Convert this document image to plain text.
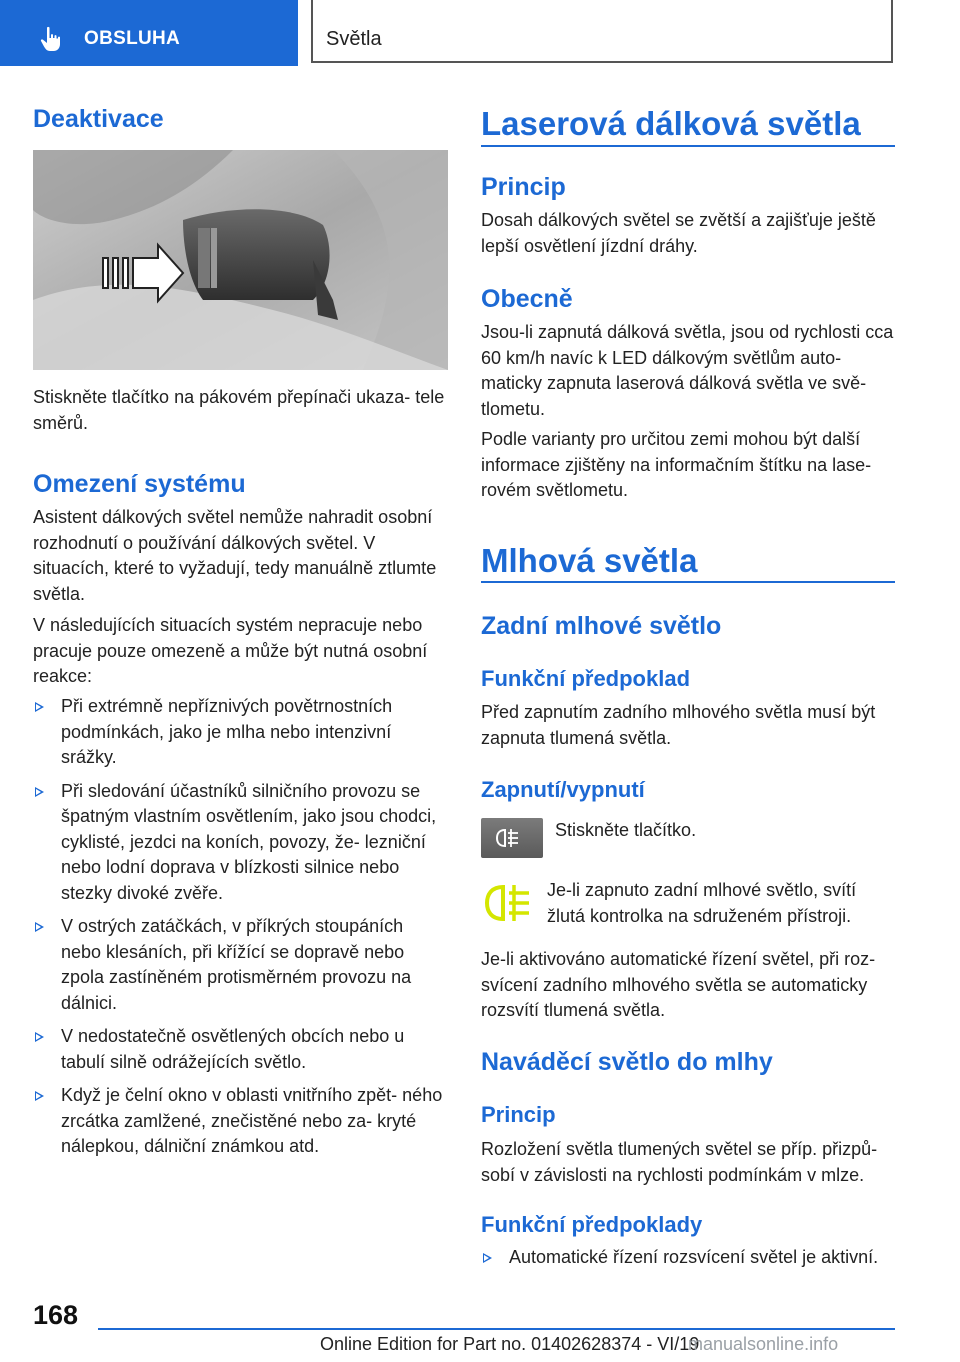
OBSLUHA	Světla
Deaktivace

Stiskněte tlačítko na pákovém přepínači ukaza- tele směrů.

Omezení systému

Asistent dálkových světel nemůže nahradit osobní rozhodnutí o používání dálkových světel. V situacích, které to vyžadují, tedy manuálně ztlumte světla.

V následujících situacích systém nepracuje nebo pracuje pouze omezeně a může být nutná osobní reakce:

Při extrémně nepříznivých povětrnostních podmínkách, jako je mlha nebo intenzivní srážky.
Při sledování účastníků silničního provozu se špatným vlastním osvětlením, jako jsou chodci, cyklisté, jezdci na koních, povozy, že- lezniční nebo lodní doprava v blízkosti silnice nebo stezky divoké zvěře.
V ostrých zatáčkách, v příkrých stoupáních nebo klesáních, při křížící se dopravě nebo zpola zastíněném protisměrném provozu na dálnici.
V nedostatečně osvětlených obcích nebo u tabulí silně odrážejících světlo.
Když je čelní okno v oblasti vnitřního zpět- ného zrcátka zamlžené, znečistěné nebo za- kryté nálepkou, dálniční známkou atd.
Laserová dálková světla
Princip

Dosah dálkových světel se zvětší a zajišťuje ještě lepší osvětlení jízdní dráhy.

Obecně

Jsou-li zapnutá dálková světla, jsou od rychlosti cca 60 km/h navíc k LED dálkovým světlům auto- maticky zapnuta laserová dálková světla ve svě- tlometu.

Podle varianty pro určitou zemi mohou být další informace zjištěny na informačním štítku na lase- rovém světlometu.

Mlhová světla
Zadní mlhové světlo
Funkční předpoklad

Před zapnutím zadního mlhového světla musí být zapnuta tlumená světla.

Zapnutí/vypnutí

Stiskněte tlačítko.

Je-li zapnuto zadní mlhové světlo, svítí žlutá kontrolka na sdruženém přístroji.

Je-li aktivováno automatické řízení světel, při roz- svícení zadního mlhového světla se automaticky rozsvítí tlumená světla.

Naváděcí světlo do mlhy
Princip

Rozložení světla tlumených světel se příp. přizpů- sobí v závislosti na rychlosti podmínkám v mlze.

Funkční předpoklady
Automatické řízení rozsvícení světel je aktivní.
168
Online Edition for Part no. 01402628374 - VI/19
manualsonline.info
